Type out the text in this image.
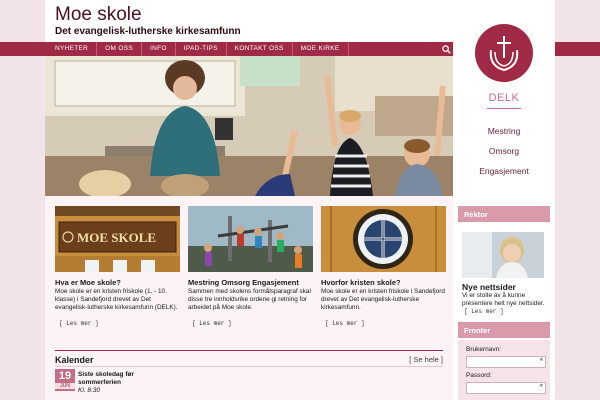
Moe skole
Det evangelisk-lutherske kirkesamfunn
NYHETER	OM OSS	INFO	IPAD-TIPS	KONTAKT OSS	MOE KIRKE
DELK
Mestring
Omsorg
Engasjement
MOE SKOLE
Hva er Moe skole?
Moe skole er en kristen friskole (1. - 10. klasse) i Sandefjord drevet av Det evangelisk-lutherske kirkesamfunn (DELK).
[ Les mer ]
Mestring Omsorg Engasjement
Sammen med skolens formålsparagraf skal disse tre innholdsrike ordene gi retning for arbeidet på Moe skole.
[ Les mer ]
Hvorfor kristen skole?
Moe skole er en kristen friskole i Sandefjord drevet av Det evangelisk-lutherske kirkesamfunn.
[ Les mer ]
Kalender	[ Se hele ]
19
JUN
Siste skoledag før
sommerferien
Kl. 8:30
Rektor
Nye nettsider
Vi er stolte av å kunne presentere helt nye nettsider. [ Les mer ]
Fronter
Brukernavn:
*
Passord:
*
